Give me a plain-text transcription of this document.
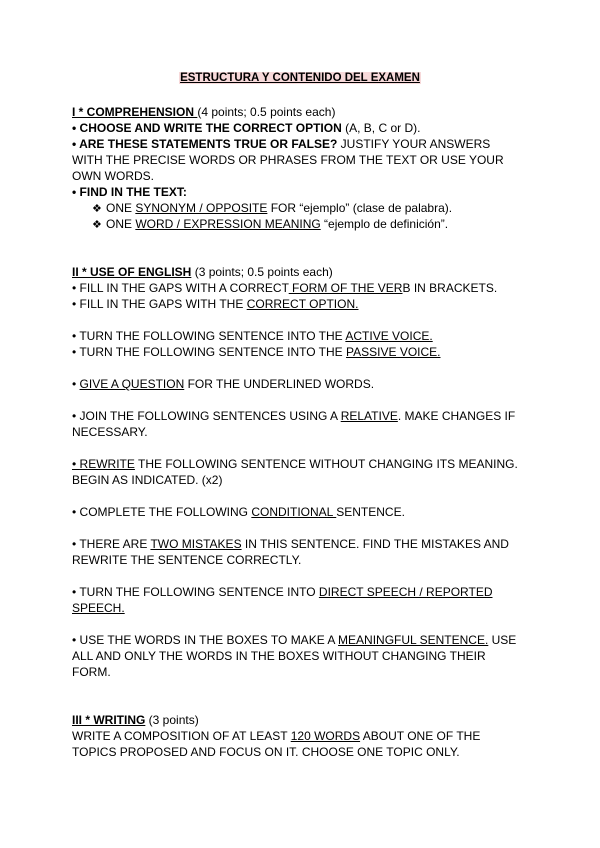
ESTRUCTURA Y CONTENIDO DEL EXAMEN
I * COMPREHENSION (4 points; 0.5 points each)
• CHOOSE AND WRITE THE CORRECT OPTION (A, B, C or D).
• ARE THESE STATEMENTS TRUE OR FALSE? JUSTIFY YOUR ANSWERS
WITH THE PRECISE WORDS OR PHRASES FROM THE TEXT OR USE YOUR
OWN WORDS.
• FIND IN THE TEXT:
❖ ONE SYNONYM / OPPOSITE FOR “ejemplo” (clase de palabra).
❖ ONE WORD / EXPRESSION MEANING “ejemplo de definición”.
II * USE OF ENGLISH (3 points; 0.5 points each)
• FILL IN THE GAPS WITH A CORRECT FORM OF THE VERB IN BRACKETS.
• FILL IN THE GAPS WITH THE CORRECT OPTION.
• TURN THE FOLLOWING SENTENCE INTO THE ACTIVE VOICE.
• TURN THE FOLLOWING SENTENCE INTO THE PASSIVE VOICE.
• GIVE A QUESTION FOR THE UNDERLINED WORDS.
• JOIN THE FOLLOWING SENTENCES USING A RELATIVE. MAKE CHANGES IF
NECESSARY.
• REWRITE THE FOLLOWING SENTENCE WITHOUT CHANGING ITS MEANING.
BEGIN AS INDICATED. (x2)
• COMPLETE THE FOLLOWING CONDITIONAL SENTENCE.
• THERE ARE TWO MISTAKES IN THIS SENTENCE. FIND THE MISTAKES AND
REWRITE THE SENTENCE CORRECTLY.
• TURN THE FOLLOWING SENTENCE INTO DIRECT SPEECH / REPORTED
SPEECH.
• USE THE WORDS IN THE BOXES TO MAKE A MEANINGFUL SENTENCE. USE
ALL AND ONLY THE WORDS IN THE BOXES WITHOUT CHANGING THEIR
FORM.
III * WRITING (3 points)
WRITE A COMPOSITION OF AT LEAST 120 WORDS ABOUT ONE OF THE
TOPICS PROPOSED AND FOCUS ON IT. CHOOSE ONE TOPIC ONLY.
